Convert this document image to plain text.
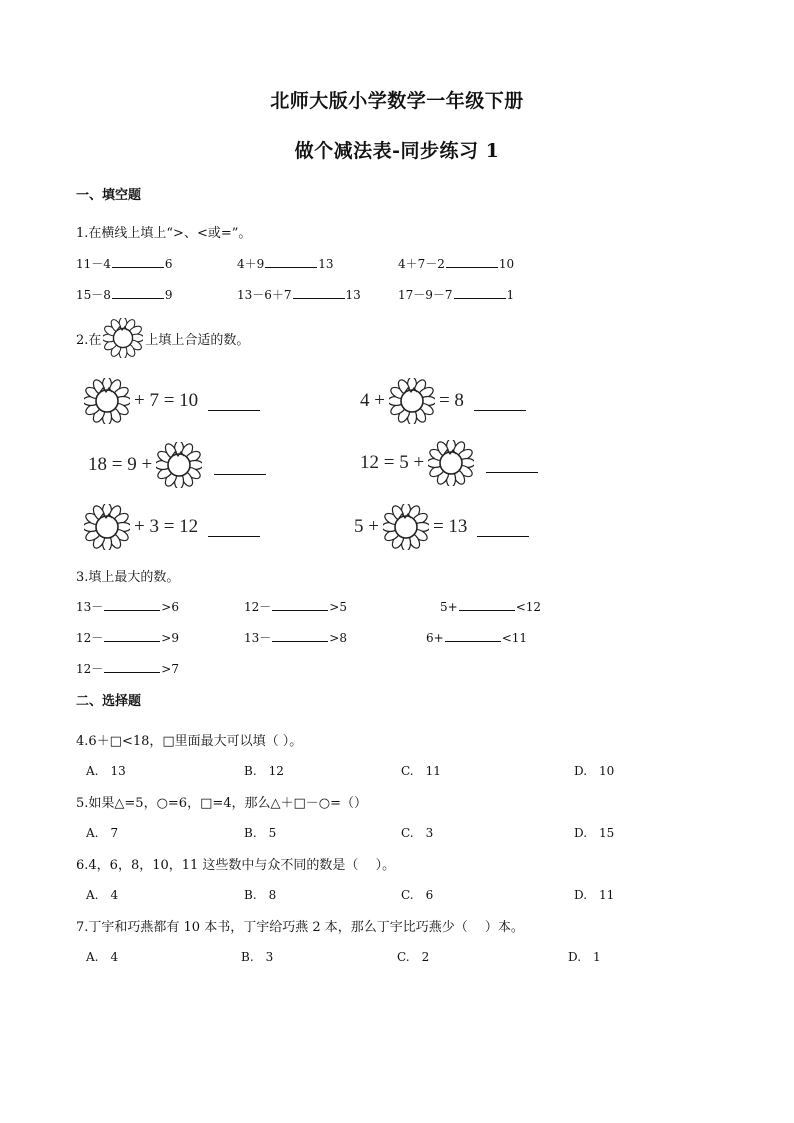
北师大版小学数学一年级下册
做个减法表-同步练习 1
一、填空题
1.在横线上填上“>、<或=”。
11－4	6	4＋9	13	4＋7－2	10
15－8	9	13－6＋7	13	17－9－7	1
2.在	上填上合适的数。
+ 7 = 10	4 +	= 8
18 = 9 +	12 = 5 +
+ 3 = 12	5 +	= 13
3.填上最大的数。
13－	>6	12－	>5	5+	<12
12－	>9	13－	>8	6+	<11
12－	>7
二、选择题
4.6＋□<18，□里面最大可以填（ ）。
A.　13	B.　12	C.　11	D.　10
5.如果△=5，○=6，□=4，那么△＋□－○=（）
A.　7	B.　5	C.　3	D.　15
6.4，6，8，10，11 这些数中与众不同的数是（　 ）。
A.　4	B.　8	C.　6	D.　11
7.丁宇和巧燕都有 10 本书，丁宇给巧燕 2 本，那么丁宇比巧燕少（　 ）本。
A.　4	B.　3	C.　2	D.　1
